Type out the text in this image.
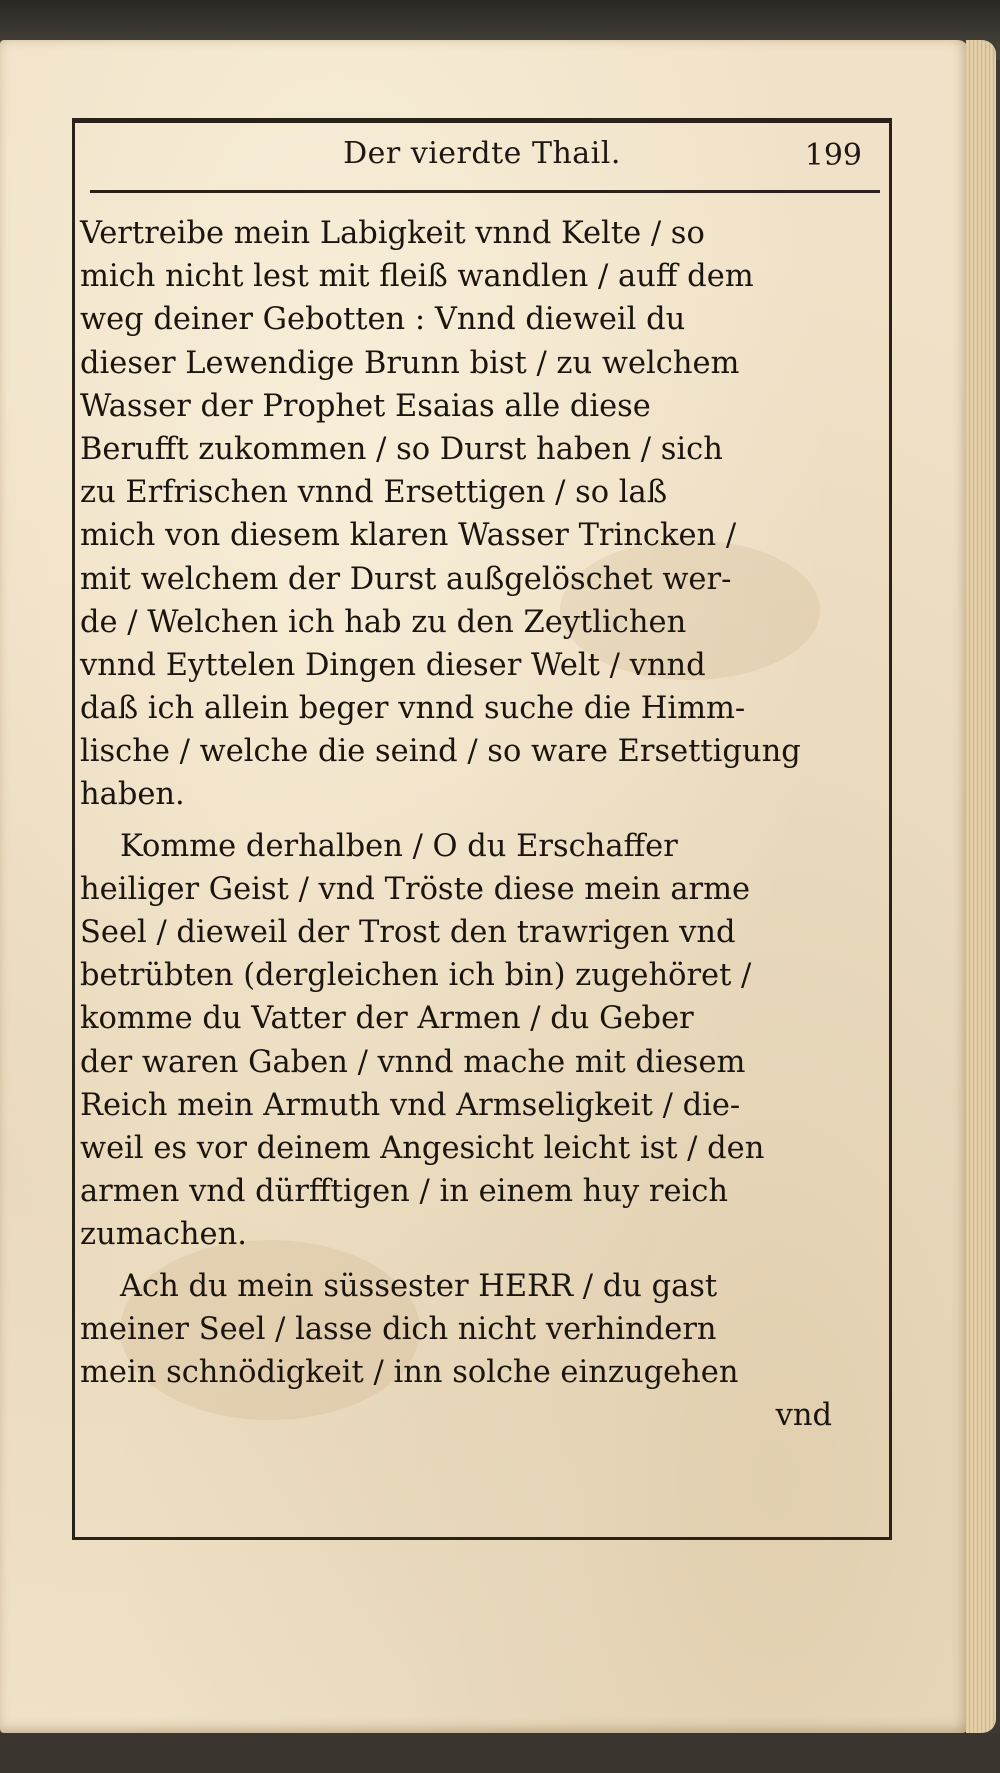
Der vierdte Thail.	199
Vertreibe mein Labigkeit vnnd Kelte / so
mich nicht lest mit fleiß wandlen / auff dem
weg deiner Gebotten : Vnnd dieweil du
dieser Lewendige Brunn bist / zu welchem
Wasser der Prophet Esaias alle diese
Berufft zukommen / so Durst haben / sich
zu Erfrischen vnnd Ersettigen / so laß
mich von diesem klaren Wasser Trincken /
mit welchem der Durst außgelöschet wer-
de / Welchen ich hab zu den Zeytlichen
vnnd Eyttelen Dingen dieser Welt / vnnd
daß ich allein beger vnnd suche die Himm-
lische / welche die seind / so ware Ersettigung
haben.
Komme derhalben / O du Erschaffer
heiliger Geist / vnd Tröste diese mein arme
Seel / dieweil der Trost den trawrigen vnd
betrübten (dergleichen ich bin) zugehöret /
komme du Vatter der Armen / du Geber
der waren Gaben / vnnd mache mit diesem
Reich mein Armuth vnd Armseligkeit / die-
weil es vor deinem Angesicht leicht ist / den
armen vnd dürfftigen / in einem huy reich
zumachen.
Ach du mein süssester HERR / du gast
meiner Seel / lasse dich nicht verhindern
mein schnödigkeit / inn solche einzugehen
vnd
